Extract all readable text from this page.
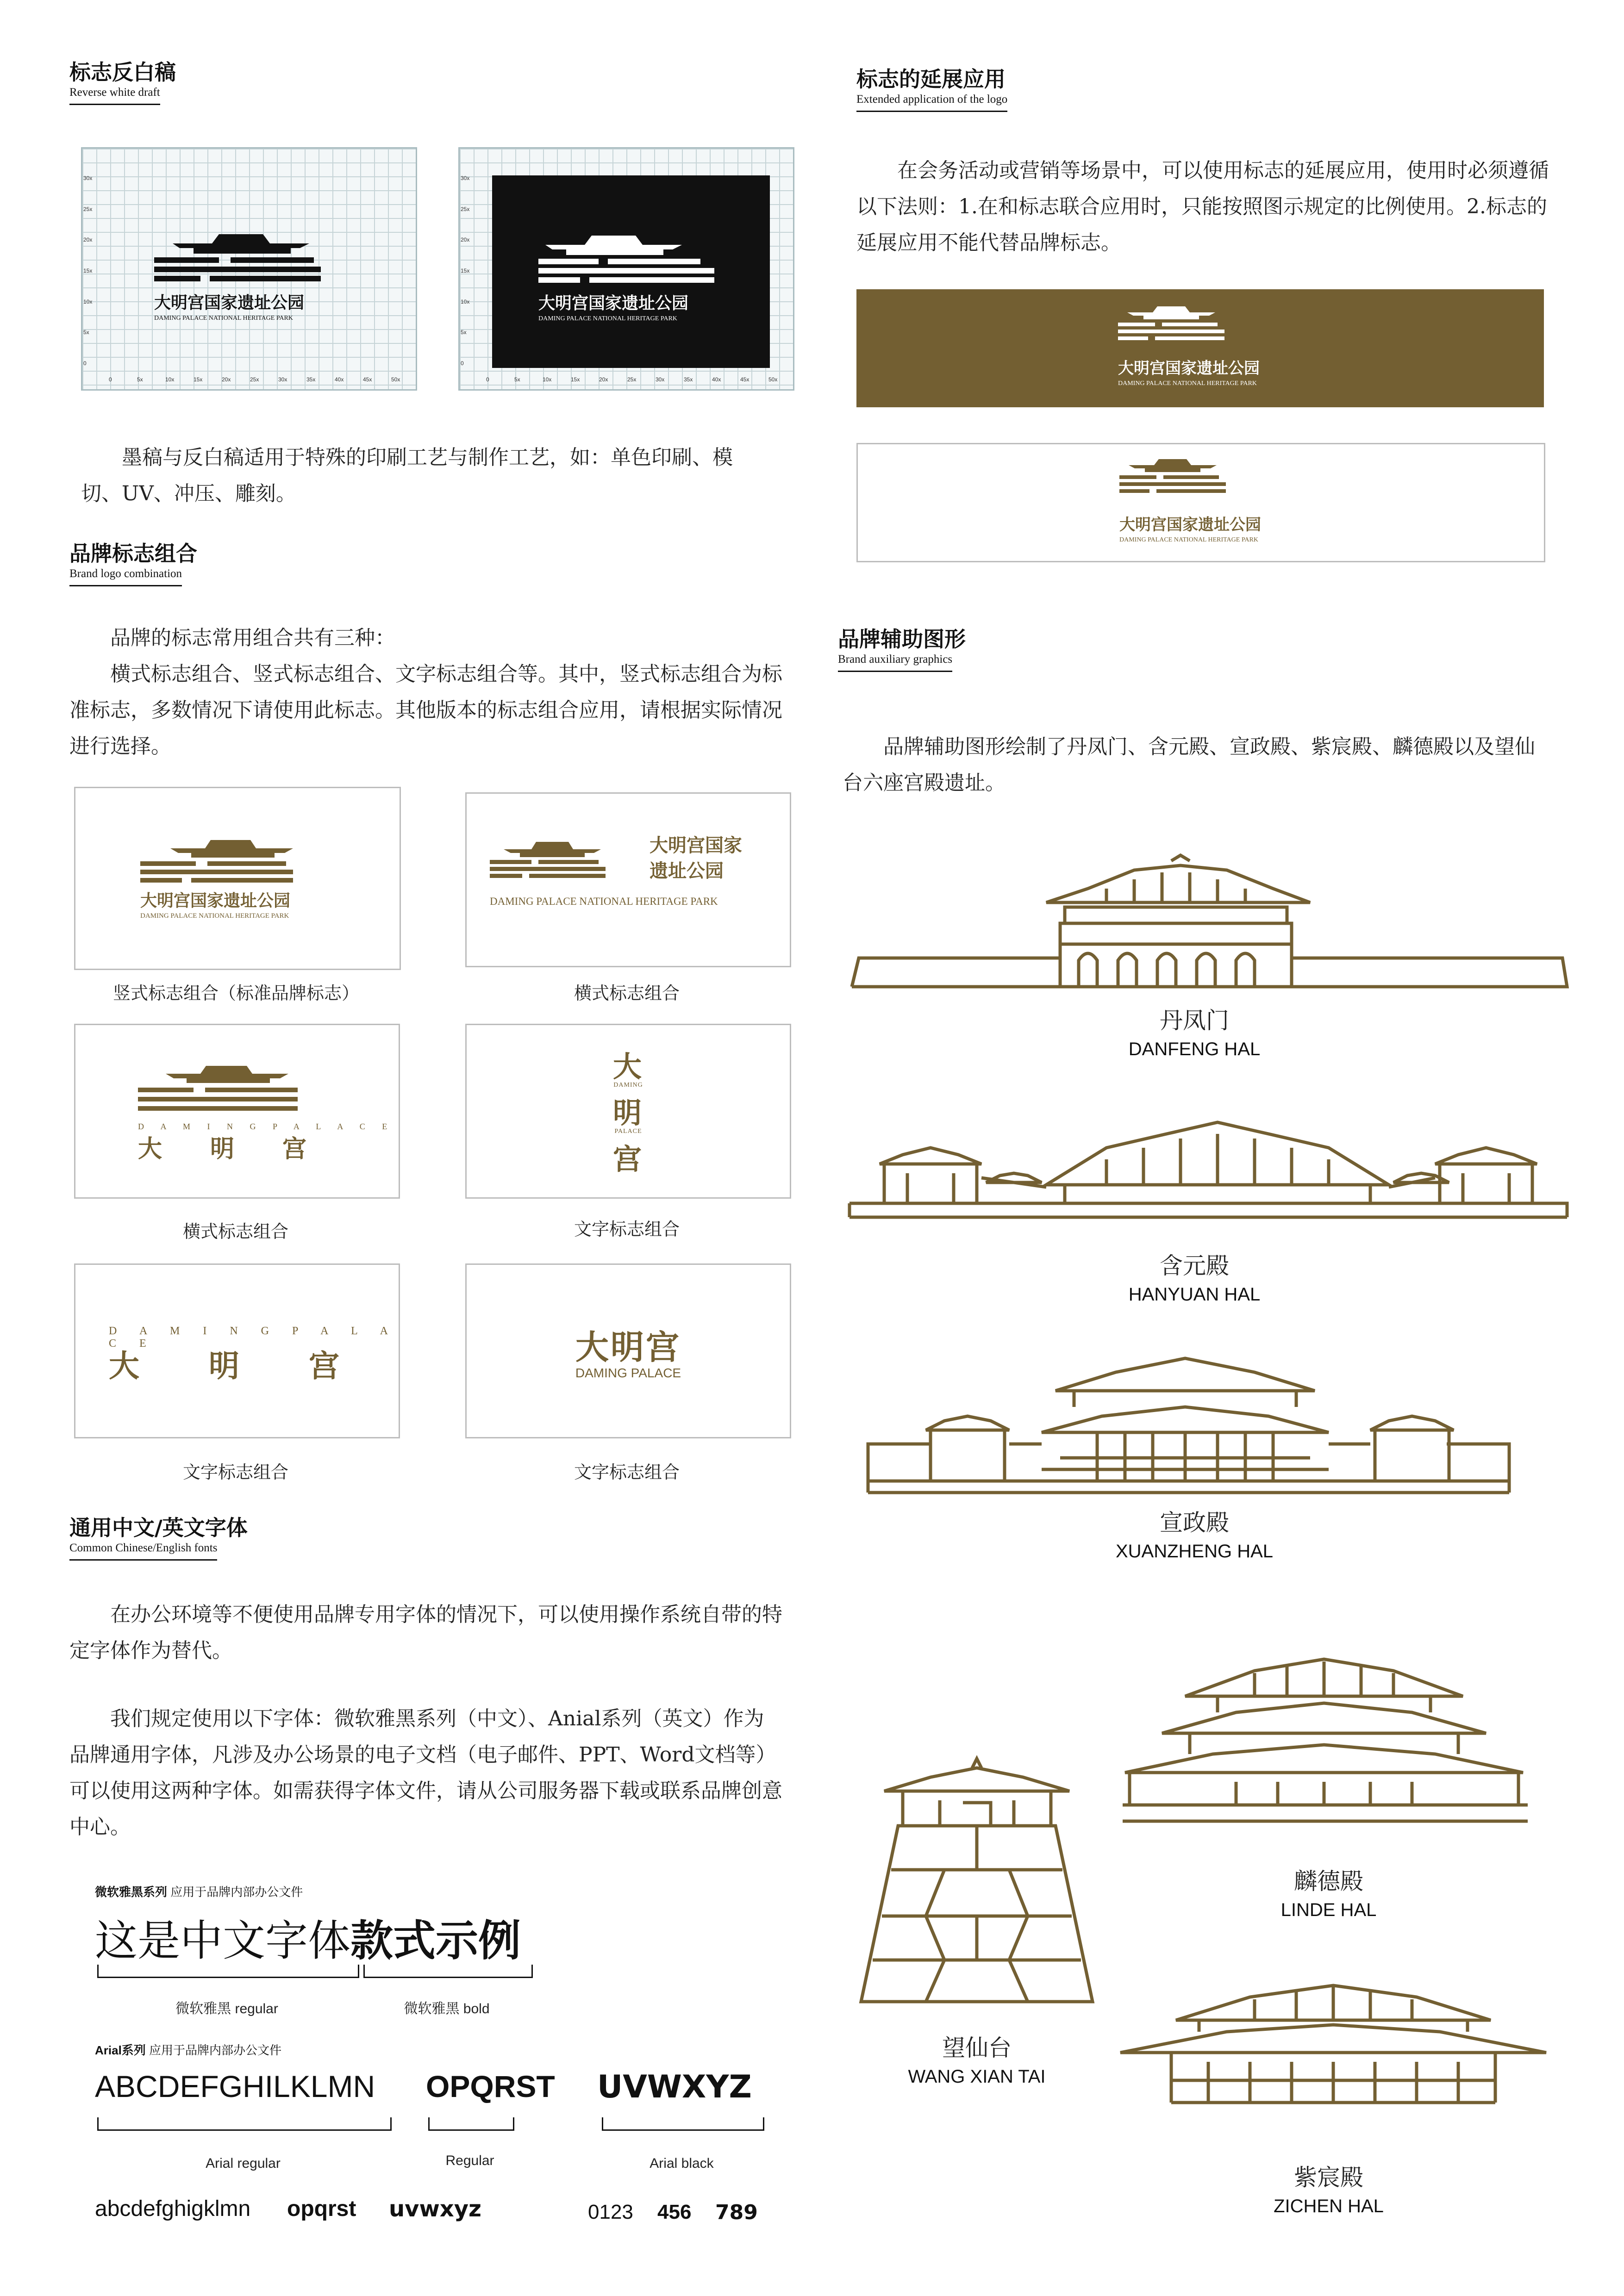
标志反白稿
Reverse white draft
大明宫国家遗址公园
DAMING PALACE NATIONAL HERITAGE PARK
大明宫国家遗址公园
DAMING PALACE NATIONAL HERITAGE PARK
墨稿与反白稿适用于特殊的印刷工艺与制作工艺，如：单色印刷、模切、UV、冲压、雕刻。
品牌标志组合
Brand logo combination
品牌的标志常用组合共有三种：
横式标志组合、竖式标志组合、文字标志组合等。其中，竖式标志组合为标准标志，多数情况下请使用此标志。其他版本的标志组合应用，请根据实际情况进行选择。
大明宫国家遗址公园
DAMING PALACE NATIONAL HERITAGE PARK
竖式标志组合（标准品牌标志）
大明宫国家
遗址公园
DAMING PALACE NATIONAL HERITAGE PARK
横式标志组合
D A M I N G P A L A C E
大　　明　　宫
横式标志组合
大
DAMING
明
PALACE
宫
文字标志组合
D A M I N G P A L A C E
大　　明　　宫
文字标志组合
大明宫
DAMING PALACE
文字标志组合
通用中文/英文字体
Common Chinese/English fonts
在办公环境等不便使用品牌专用字体的情况下，可以使用操作系统自带的特定字体作为替代。
我们规定使用以下字体：微软雅黑系列（中文）、Anial系列（英文）作为品牌通用字体，凡涉及办公场景的电子文档（电子邮件、PPT、Word文档等）可以使用这两种字体。如需获得字体文件，请从公司服务器下载或联系品牌创意中心。
微软雅黑系列 应用于品牌内部办公文件
这是中文字体款式示例
微软雅黑 regular	微软雅黑 bold
Arial系列 应用于品牌内部办公文件
ABCDEFGHILKLMN OPQRST UVWXYZ
Arial regular	Regular	Arial black
abcdefghigklmn opqrst uvwxyz	0123 456 789
标志的延展应用
Extended application of the logo
在会务活动或营销等场景中，可以使用标志的延展应用，使用时必须遵循以下法则：1.在和标志联合应用时，只能按照图示规定的比例使用。2.标志的延展应用不能代替品牌标志。
大明宫国家遗址公园
DAMING PALACE NATIONAL HERITAGE PARK
大明宫国家遗址公园
DAMING PALACE NATIONAL HERITAGE PARK
品牌辅助图形
Brand auxiliary graphics
品牌辅助图形绘制了丹凤门、含元殿、宣政殿、紫宸殿、麟德殿以及望仙台六座宫殿遗址。
丹凤门
DANFENG HAL
含元殿
HANYUAN HAL
宣政殿
XUANZHENG HAL
麟德殿
LINDE HAL
望仙台
WANG XIAN TAI
紫宸殿
ZICHEN HAL
30x
25x
20x
15x
10x
5x
0
0	5x	10x	15x	20x	25x	30x	35x	40x	45x	50x
30x
25x
20x
15x
10x
5x
0
0	5x	10x	15x	20x	25x	30x	35x	40x	45x	50x
